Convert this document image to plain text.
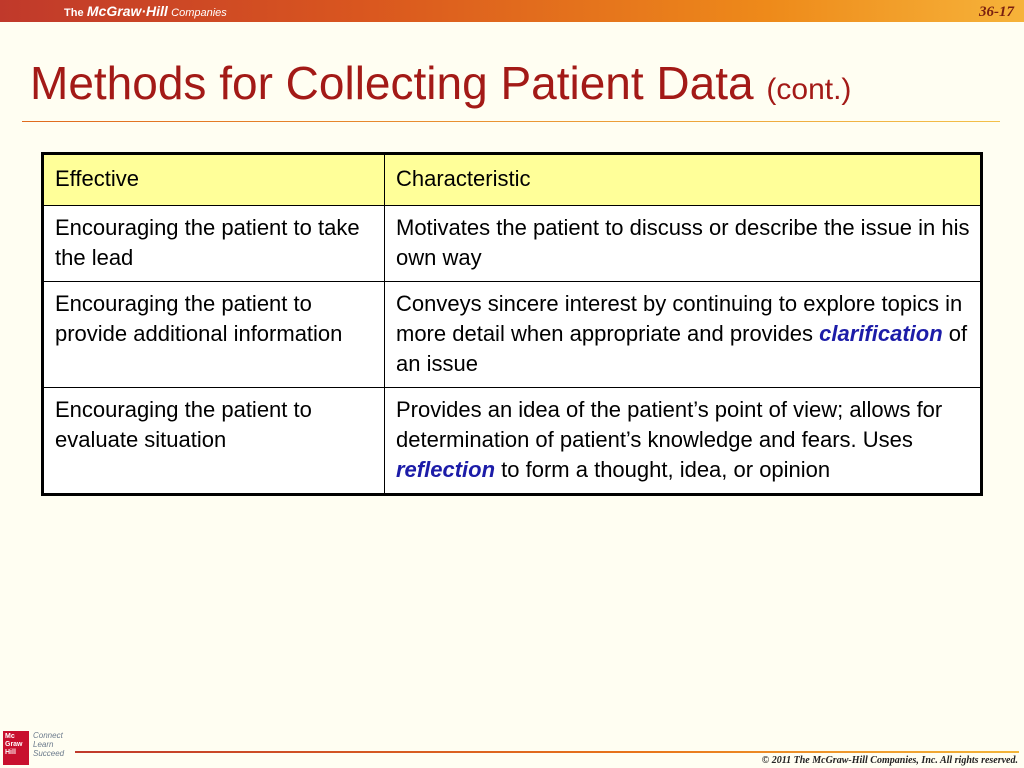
The McGraw·Hill Companies	36-17
Methods for Collecting Patient Data (cont.)
Effective	Characteristic
Encouraging the patient to take the lead	Motivates the patient to discuss or describe the issue in his own way
Encouraging the patient to provide additional information	Conveys sincere interest by continuing to explore topics in more detail when appropriate and provides clarification of an issue
Encouraging the patient to evaluate situation	Provides an idea of the patient’s point of view; allows for determination of patient’s knowledge and fears. Uses reflection to form a thought, idea, or opinion
Mc
Graw
Hill
Connect
Learn
Succeed
© 2011 The McGraw-Hill Companies, Inc. All rights reserved.
